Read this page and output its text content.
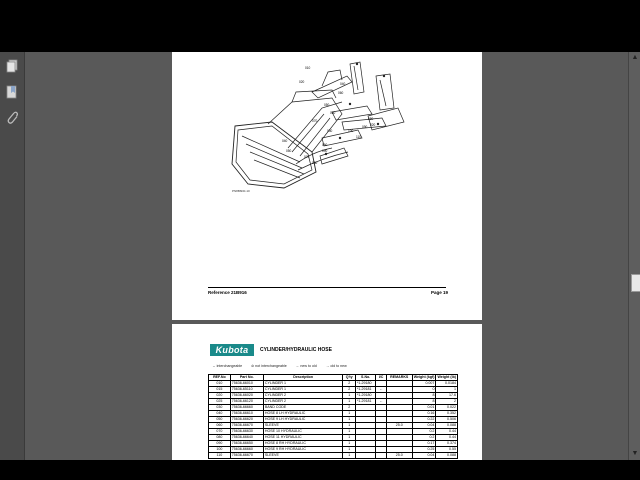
010
020	040
060
050
060
070	080
090
100
110
020
030
040
050
060
070
080
090
PN8B6D0-10
Reference 21B916	Page 19
Kubota	CYLINDER/HYDRAULIC HOSE
↔ interchangeable	⊘ not interchangeable	← new to old	→ old to new
REF.No	Part No.	Description	Q'ty	S.No.	I/C	REMARKS	Weight (kgf)	Weight (lb)
010	75636-66010	CYLINDER 1	2	*1-29180			0.007	0.0184
015	75636-65110	CYLINDER 1	2	*1-29181	←		0	1
020	75636-66020	CYLINDER 2	1	*1-29180			8	17.6
025	75636-66120	CYLINDER 2	1	*1-29181	←		8	2
030	75636-66660	BAND CODE	2				0.01	0.022
040	75636-66610	HOSE 8 LH HYDRAULIC	1				0.16	0.352
050	75636-66620	HOSE 9 LH HYDRAULIC	1				0.22	0.506
060	75636-66670	SLEEVE	1			25.0	0.04	0.088
070	75636-66630	HOSE 10 HYDRAULIC	1				0.2	0.44
080	75636-66640	HOSE 11 HYDRAULIC	1				0.2	0.44
090	75636-66650	HOSE 8 RH HYDRAULIC	1				0.17	0.374
100	75636-66660	HOSE 9 RH HYDRAULIC	1				0.25	0.55
110	75636-66670	SLEEVE	1			25.0	0.04	0.088
▲
▼
